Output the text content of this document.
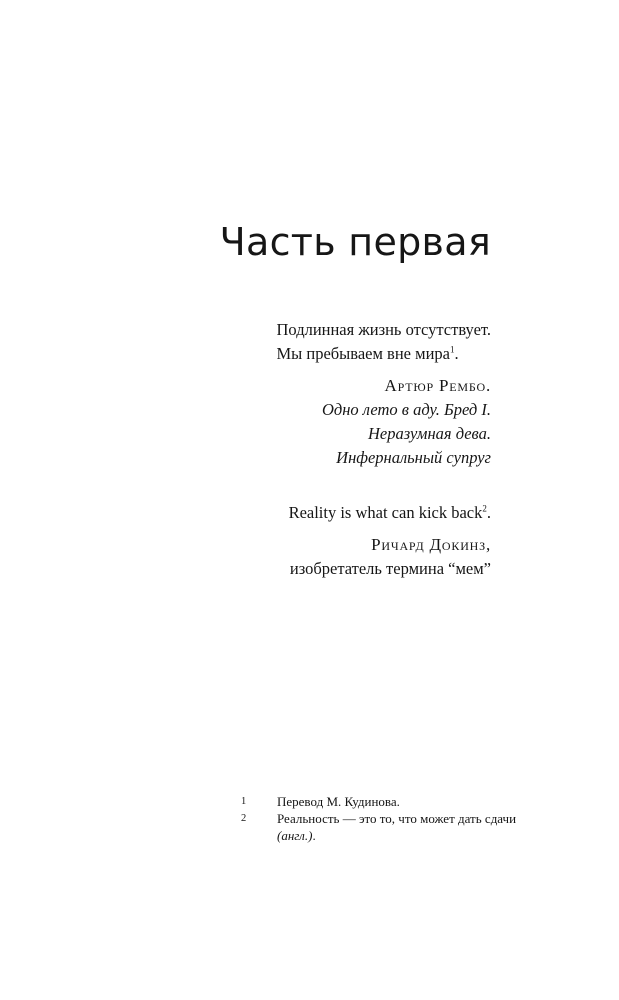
Часть первая
Подлинная жизнь отсутствует.
Мы пребываем вне мира$^1$.
Артюр Рембо.
Одно лето в аду. Бред I.
Неразумная дева.
Инфернальный супруг
Reality is what can kick back$^2$.
Ричард Докинз,
изобретатель термина “мем”
1	Перевод М. Кудинова.
2	Реальность — это то, что может дать сдачи (англ.).
